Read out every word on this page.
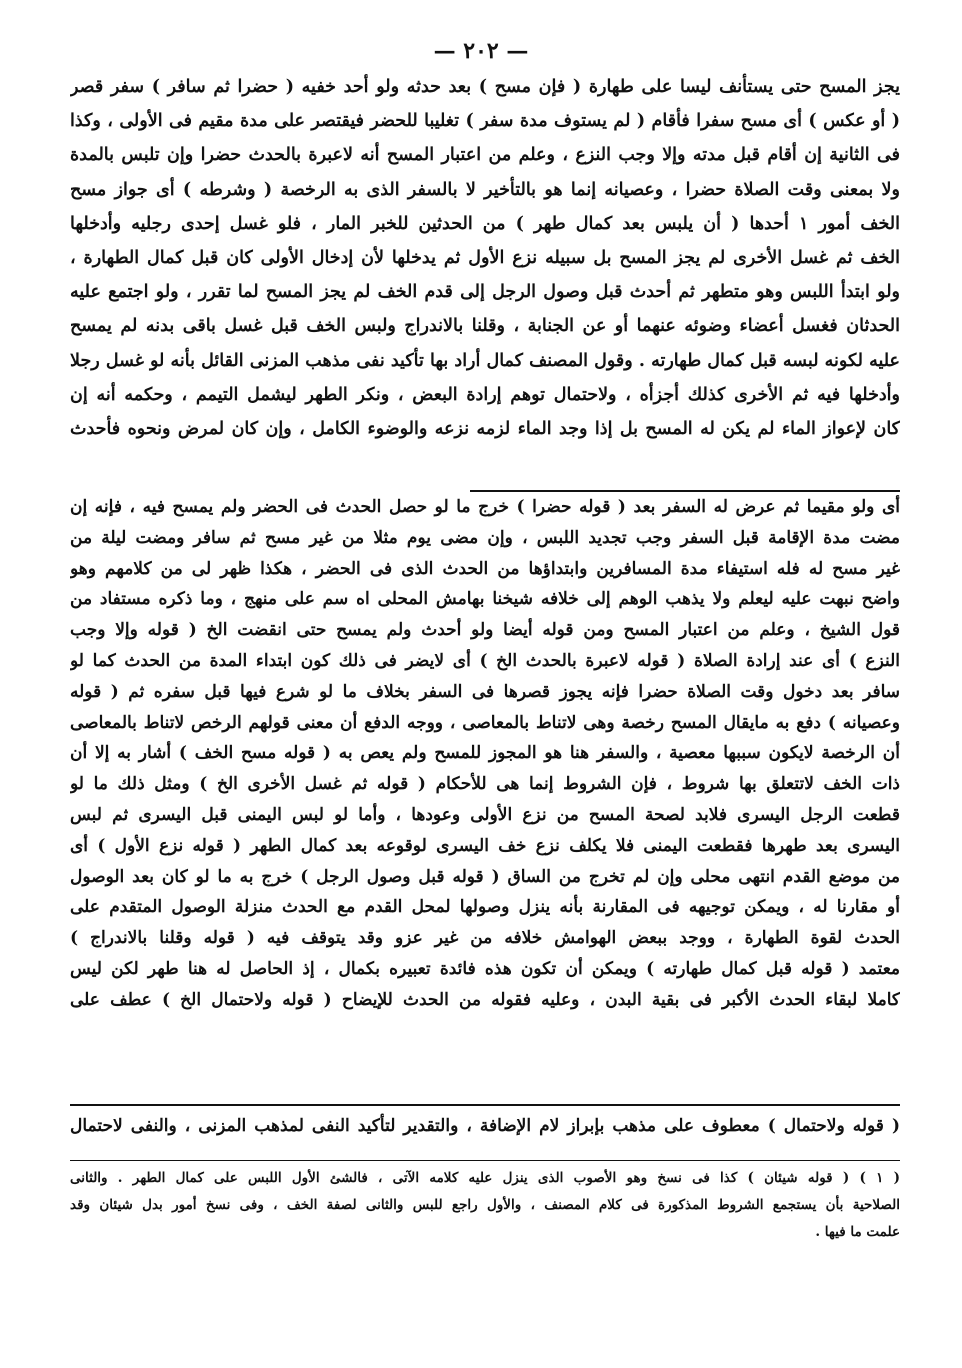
— ٢٠٢ —
يجز المسح حتى يستأنف ليسا على طهارة ( فإن مسح ) بعد حدثه ولو أحد خفيه ( حضرا ثم سافر ) سفر قصر
( أو عكس ) أى مسح سفرا فأقام ( لم يستوف مدة سفر ) تغليبا للحضر فيقتصر على مدة مقيم فى الأولى ، وكذا
فى الثانية إن أقام قبل مدته وإلا وجب النزع ، وعلم من اعتبار المسح أنه لاعبرة بالحدث حضرا وإن تلبس بالمدة
ولا بمعنى وقت الصلاة حضرا ، وعصيانه إنما هو بالتأخير لا بالسفر الذى به الرخصة ( وشرطه ) أى جواز مسح
الخف أمور ١ أحدها ( أن يلبس بعد كمال طهر ) من الحدثين للخبر المار ، فلو غسل إحدى رجليه وأدخلها
الخف ثم غسل الأخرى لم يجز المسح بل سبيله نزع الأول ثم يدخلها لأن إدخال الأولى كان قبل كمال الطهارة ،
ولو ابتدأ اللبس وهو متطهر ثم أحدث قبل وصول الرجل إلى قدم الخف لم يجز المسح لما تقرر ، ولو اجتمع عليه
الحدثان فغسل أعضاء وضوئه عنهما أو عن الجنابة ، وقلنا بالاندراج ولبس الخف قبل غسل باقى بدنه لم يمسح
عليه لكونه لبسه قبل كمال طهارته . وقول المصنف كمال أراد بها تأكيد نفى مذهب المزنى القائل بأنه لو غسل رجلا
وأدخلها فيه ثم الأخرى كذلك أجزأه ، ولاحتمال توهم إرادة البعض ، ونكر الطهر ليشمل التيمم ، وحكمه أنه إن
كان لإعواز الماء لم يكن له المسح بل إذا وجد الماء لزمه نزعه والوضوء الكامل ، وإن كان لمرض ونحوه فأحدث
أى ولو مقيما ثم عرض له السفر بعد ( قوله حضرا ) خرج ما لو حصل الحدث فى الحضر ولم يمسح فيه ، فإنه إن
مضت مدة الإقامة قبل السفر وجب تجديد اللبس ، وإن مضى يوم مثلا من غير مسح ثم سافر ومضت ليلة من
غير مسح له فله استيفاء مدة المسافرين وابتداؤها من الحدث الذى فى الحضر ، هكذا ظهر لى من كلامهم وهو
واضح نبهت عليه ليعلم ولا يذهب الوهم إلى خلافه شيخنا بهامش المحلى اه سم على منهج ، وما ذكره مستفاد من
قول الشيخ ، وعلم من اعتبار المسح ومن قوله أيضا ولو أحدث ولم يمسح حتى انقضت الخ ( قوله وإلا وجب
النزع ) أى عند إرادة الصلاة ( قوله لاعبرة بالحدث الخ ) أى لايضر فى ذلك كون ابتداء المدة من الحدث كما لو
سافر بعد دخول وقت الصلاة حضرا فإنه يجوز قصرها فى السفر بخلاف ما لو شرع فيها قبل سفره ثم ( قوله
وعصيانه ) دفع به مايقال المسح رخصة وهى لاتناط بالمعاصى ، ووجه الدفع أن معنى قولهم الرخص لاتناط بالمعاصى
أن الرخصة لايكون سببها معصية ، والسفر هنا هو المجوز للمسح ولم يعص به ( قوله مسح الخف ) أشار به إلا أن
ذات الخف لاتتعلق بها شروط ، فإن الشروط إنما هى للأحكام ( قوله ثم غسل الأخرى الخ ) ومثل ذلك ما لو
قطعت الرجل اليسرى فلابد لصحة المسح من نزع الأولى وعودها ، وأما لو لبس اليمنى قبل اليسرى ثم لبس
اليسرى بعد طهرها فقطعت اليمنى فلا يكلف نزع خف اليسرى لوقوعه بعد كمال الطهر ( قوله نزع الأول ) أى
من موضع القدم انتهى محلى وإن لم تخرج من الساق ( قوله قبل وصول الرجل ) خرج به ما لو كان بعد الوصول
أو مقارنا له ، ويمكن توجيهه فى المقارنة بأنه ينزل وصولها لمحل القدم مع الحدث منزلة الوصول المتقدم على
الحدث لقوة الطهارة ، ووجد ببعض الهوامش خلافه من غير عزو وقد يتوقف فيه ( قوله وقلنا بالاندراج )
معتمد ( قوله قبل كمال طهارته ) ويمكن أن تكون هذه فائدة تعبيره بكمال ، إذ الحاصل له هنا طهر لكن ليس
كاملا لبقاء الحدث الأكبر فى بقية البدن ، وعليه فقوله من الحدث للإيضاح ( قوله ولاحتمال الخ ) عطف على
( قوله ولاحتمال ) معطوف على مذهب بإبراز لام الإضافة ، والتقدير لتأكيد النفى لمذهب المزنى ، والنفى لاحتمال
( ١ ) ( قوله شيئان ) كذا فى نسخ وهو الأصوب الذى ينزل عليه كلامه الآتى ، فالشئ الأول اللبس على كمال الطهر . والثانى
الصلاحية بأن يستجمع الشروط المذكورة فى كلام المصنف ، والأول راجع للبس والثانى لصفة الخف ، وفى نسخ أمور بدل شيئان وقد
علمت ما فيها .
